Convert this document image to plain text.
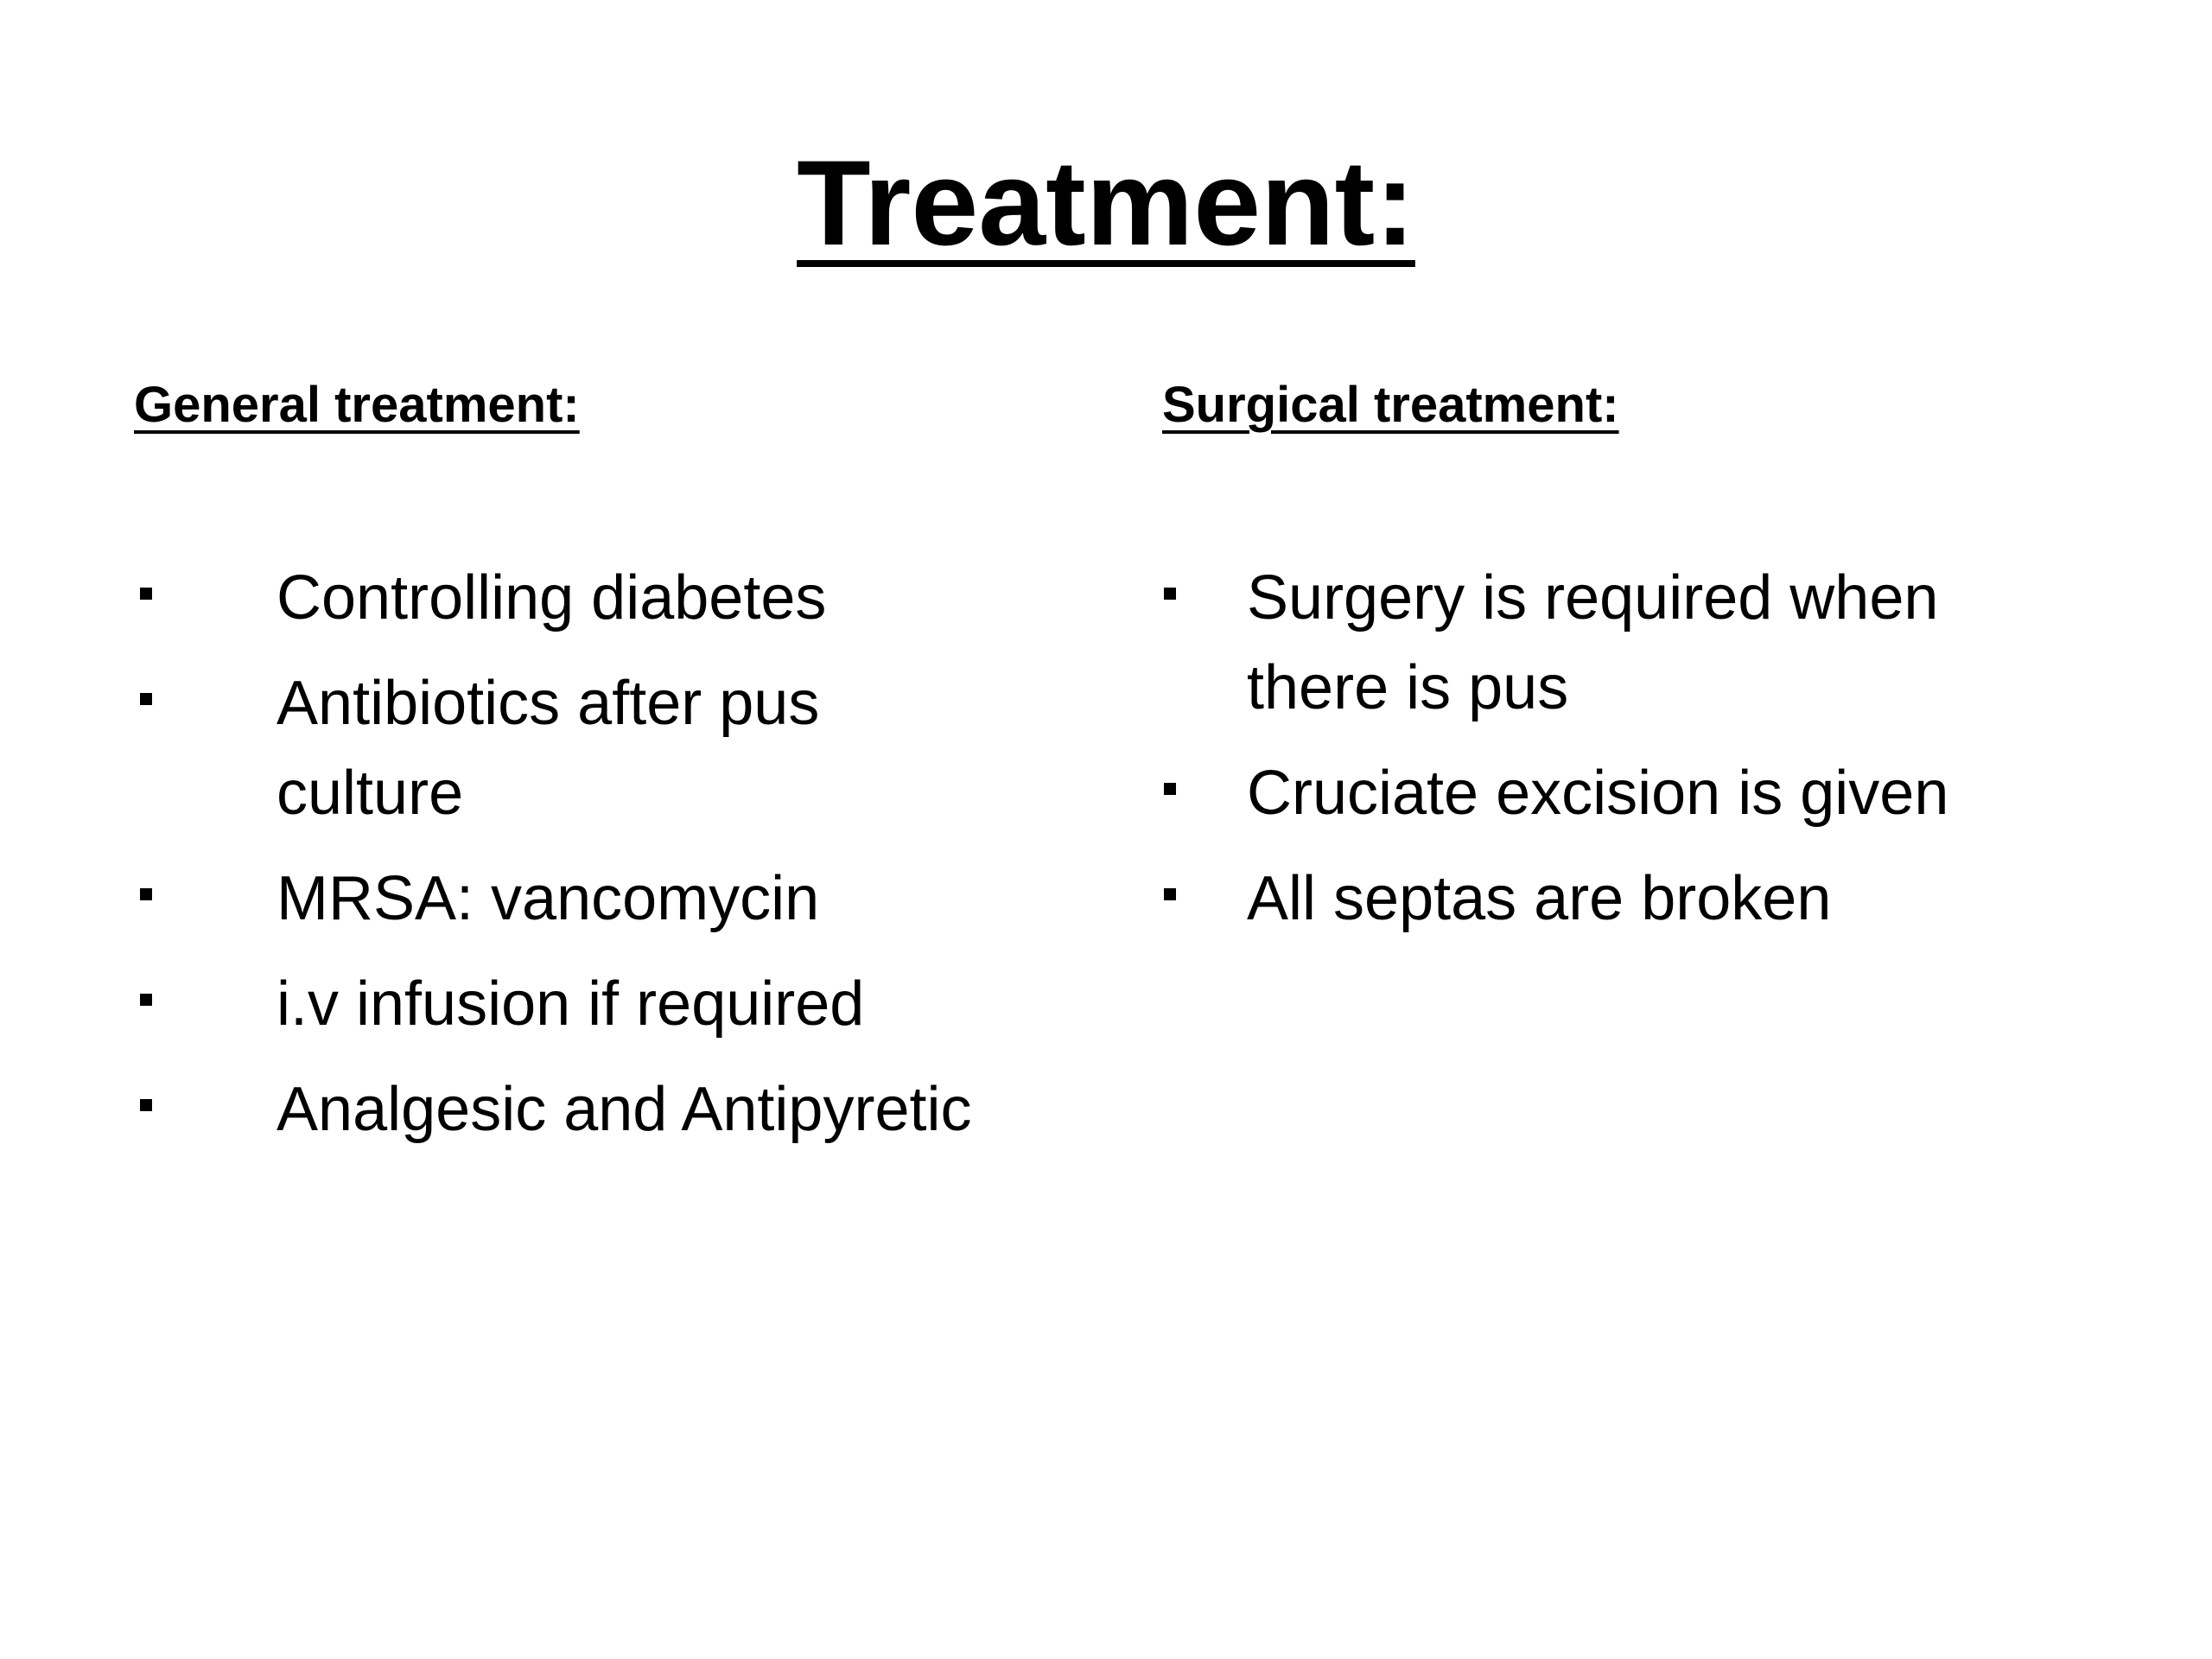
Treatment:
General treatment:	Surgical treatment:
Controlling diabetes
Antibiotics after pus culture
MRSA: vancomycin
i.v infusion if required
Analgesic and Antipyretic
Surgery is required when there is pus
Cruciate excision is given
All septas are broken
